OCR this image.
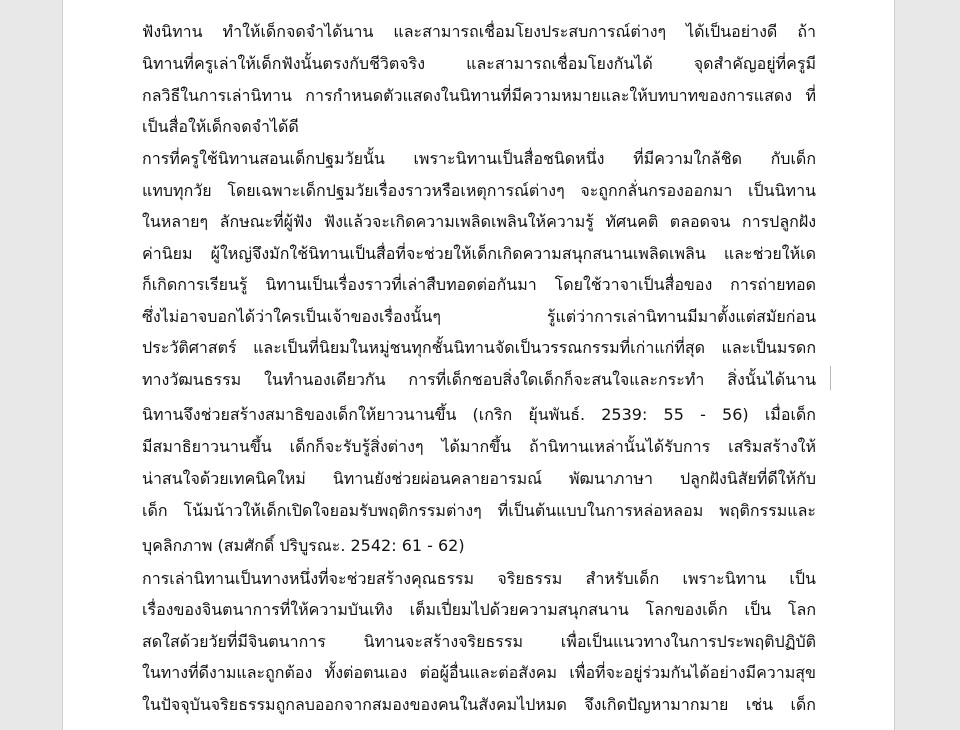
ฟังนิทาน ทำให้เด็กจดจำได้นาน และสามารถเชื่อมโยงประสบการณ์ต่างๆ ได้เป็นอย่างดี ถ้า
นิทานที่ครูเล่าให้เด็กฟังนั้นตรงกับชีวิตจริง และสามารถเชื่อมโยงกันได้ จุดสำคัญอยู่ที่ครูมี
กลวิธีในการเล่านิทาน การกำหนดตัวแสดงในนิทานที่มีความหมายและให้บทบาทของการแสดง ที่
เป็นสื่อให้เด็กจดจำได้ดี
การที่ครูใช้นิทานสอนเด็กปฐมวัยนั้น เพราะนิทานเป็นสื่อชนิดหนึ่ง ที่มีความใกล้ชิด กับเด็ก
แทบทุกวัย โดยเฉพาะเด็กปฐมวัยเรื่องราวหรือเหตุการณ์ต่างๆ จะถูกกลั่นกรองออกมา เป็นนิทาน
ในหลายๆ ลักษณะที่ผู้ฟัง ฟังแล้วจะเกิดความเพลิดเพลินให้ความรู้ ทัศนคติ ตลอดจน การปลูกฝัง
ค่านิยม ผู้ใหญ่จึงมักใช้นิทานเป็นสื่อที่จะช่วยให้เด็กเกิดความสนุกสนานเพลิดเพลิน และช่วยให้เด
ก็เกิดการเรียนรู้ นิทานเป็นเรื่องราวที่เล่าสืบทอดต่อกันมา โดยใช้วาจาเป็นสื่อของ การถ่ายทอด
ซึ่งไม่อาจบอกได้ว่าใครเป็นเจ้าของเรื่องนั้นๆ รู้แต่ว่าการเล่านิทานมีมาตั้งแต่สมัยก่อน
ประวัติศาสตร์ และเป็นที่นิยมในหมู่ชนทุกชั้นนิทานจัดเป็นวรรณกรรมที่เก่าแก่ที่สุด และเป็นมรดก
ทางวัฒนธรรม ในทำนองเดียวกัน การที่เด็กชอบสิ่งใดเด็กก็จะสนใจและกระทำ สิ่งนั้นได้นาน
นิทานจึงช่วยสร้างสมาธิของเด็กให้ยาวนานขึ้น (เกริก ยุ้นพันธ์. 2539: 55 - 56) เมื่อเด็ก
มีสมาธิยาวนานขึ้น เด็กก็จะรับรู้สิ่งต่างๆ ได้มากขึ้น ถ้านิทานเหล่านั้นได้รับการ เสริมสร้างให้
น่าสนใจด้วยเทคนิคใหม่ นิทานยังช่วยผ่อนคลายอารมณ์ พัฒนาภาษา ปลูกฝังนิสัยที่ดีให้กับ
เด็ก โน้มน้าวให้เด็กเปิดใจยอมรับพฤติกรรมต่างๆ ที่เป็นต้นแบบในการหล่อหลอม พฤติกรรมและ
บุคลิกภาพ (สมศักดิ์ ปริบูรณะ. 2542: 61 - 62)
การเล่านิทานเป็นทางหนึ่งที่จะช่วยสร้างคุณธรรม จริยธรรม สำหรับเด็ก เพราะนิทาน เป็น
เรื่องของจินตนาการที่ให้ความบันเทิง เต็มเปี่ยมไปด้วยความสนุกสนาน โลกของเด็ก เป็น โลก
สดใสด้วยวัยที่มีจินตนาการ นิทานจะสร้างจริยธรรม เพื่อเป็นแนวทางในการประพฤติปฏิบัติ
ในทางที่ดีงามและถูกต้อง ทั้งต่อตนเอง ต่อผู้อื่นและต่อสังคม เพื่อที่จะอยู่ร่วมกันได้อย่างมีความสุข
ในปัจจุบันจริยธรรมถูกลบออกจากสมองของคนในสังคมไปหมด จึงเกิดปัญหามากมาย เช่น เด็ก
